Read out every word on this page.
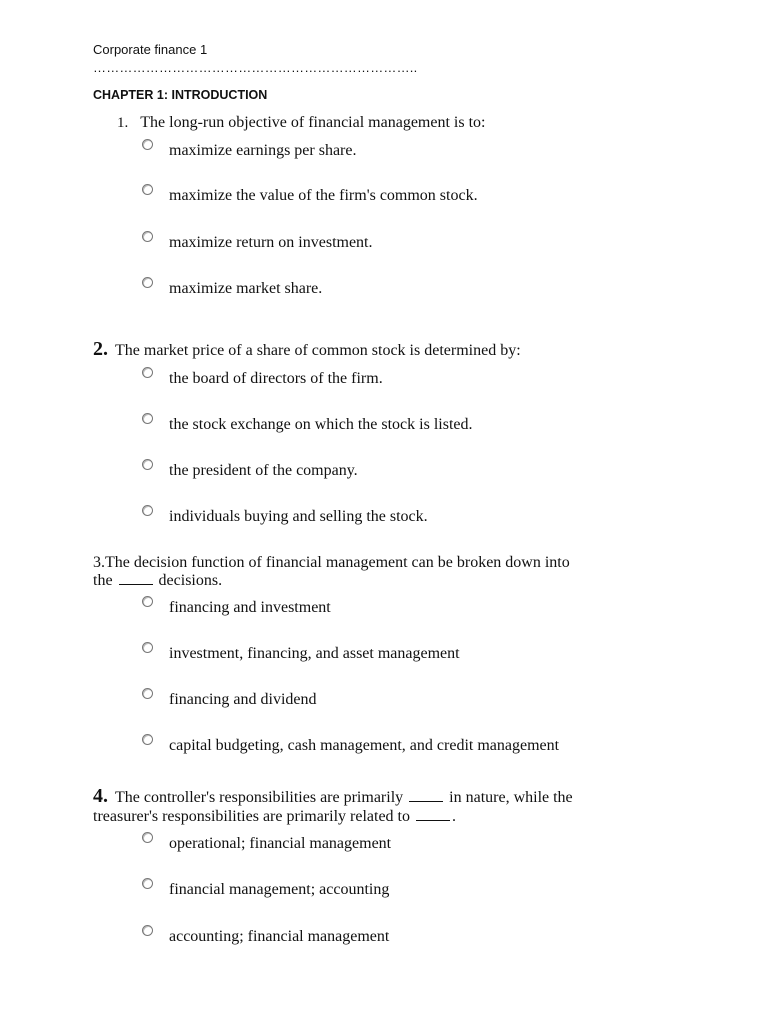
Corporate finance 1
………………………………………………………………..
CHAPTER 1: INTRODUCTION
1. The long-run objective of financial management is to:
maximize earnings per share.
maximize the value of the firm's common stock.
maximize return on investment.
maximize market share.
2. The market price of a share of common stock is determined by:
the board of directors of the firm.
the stock exchange on which the stock is listed.
the president of the company.
individuals buying and selling the stock.
3.The decision function of financial management can be broken down into
the	decisions.
financing and investment
investment, financing, and asset management
financing and dividend
capital budgeting, cash management, and credit management
4. The controller's responsibilities are primarily	in nature, while the
treasurer's responsibilities are primarily related to	.
operational; financial management
financial management; accounting
accounting; financial management
